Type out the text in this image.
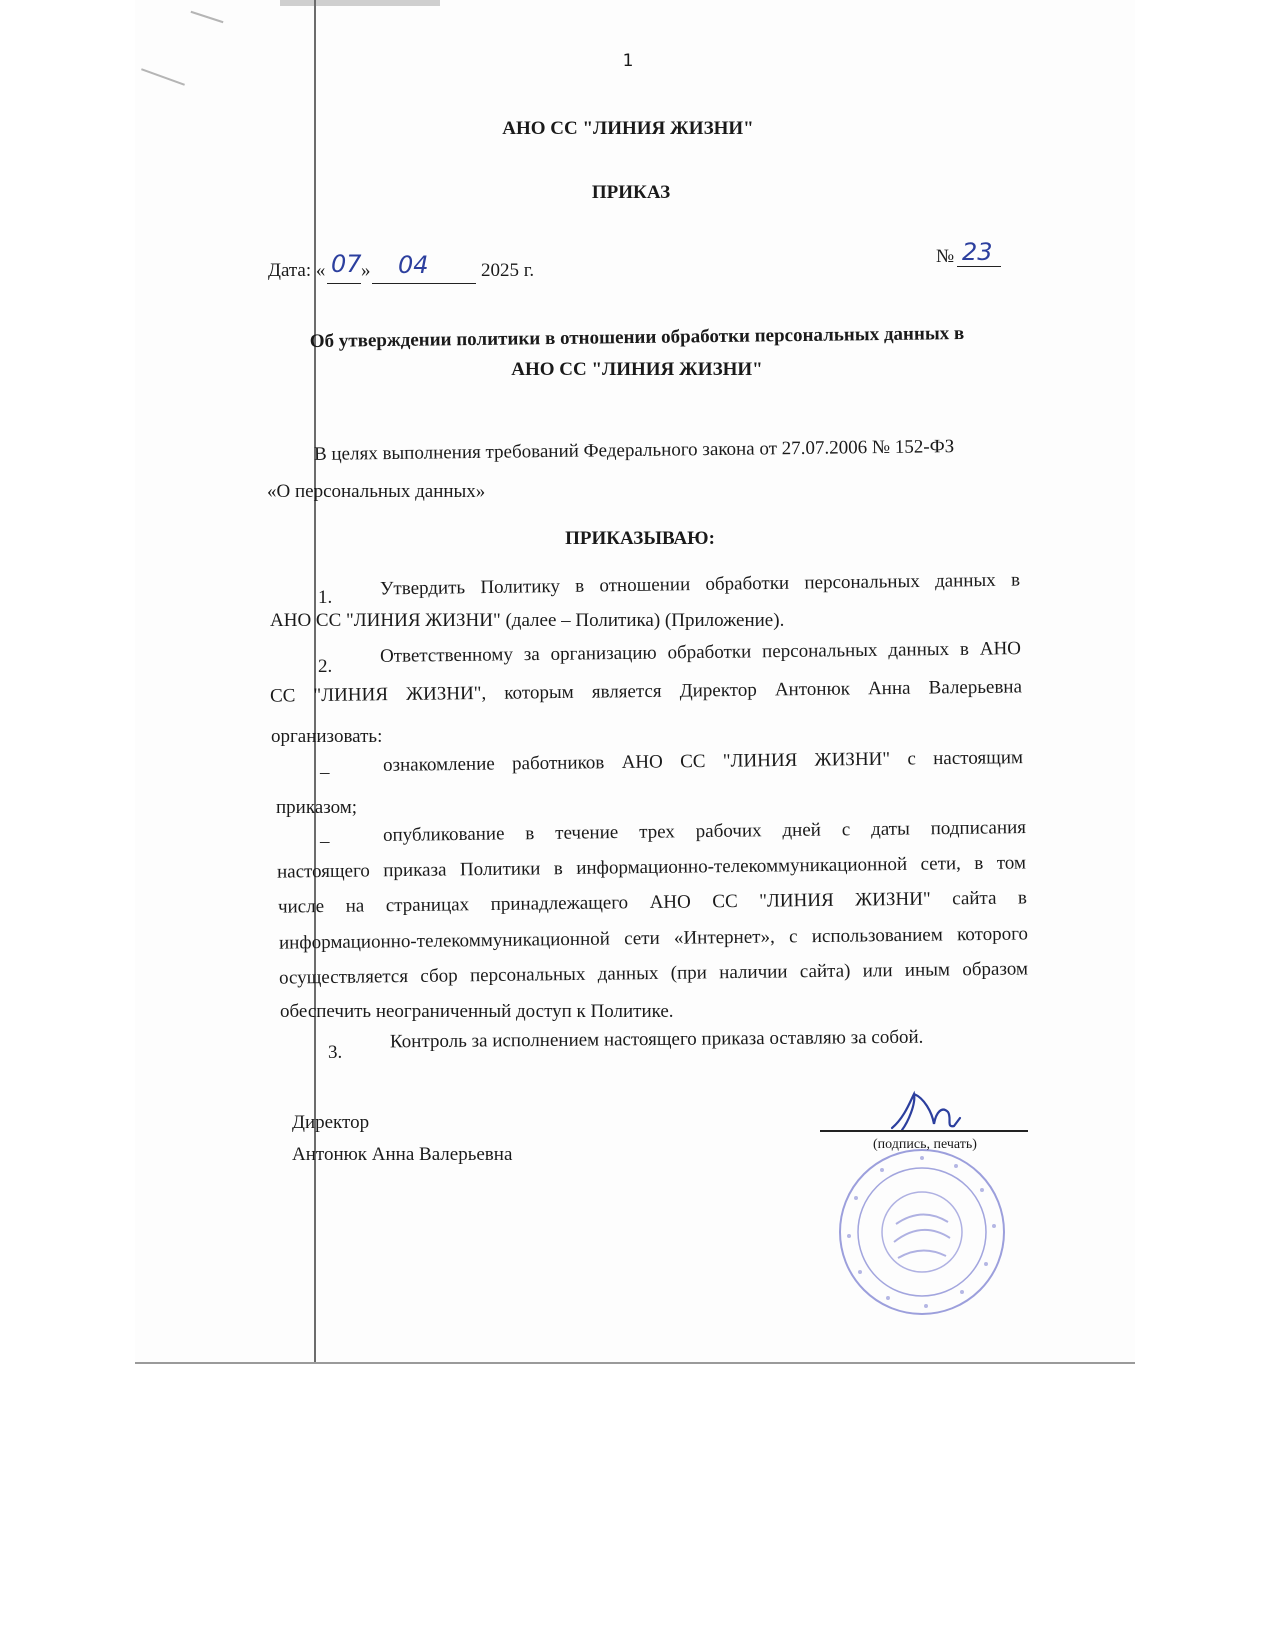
1
АНО СС "ЛИНИЯ ЖИЗНИ"
ПРИКАЗ
Дата: « 07 » 04	2025 г.
№ 23
Об утверждении политики в отношении обработки персональных данных в
АНО СС "ЛИНИЯ ЖИЗНИ"
В целях выполнения требований Федерального закона от 27.07.2006 № 152-ФЗ
«О персональных данных»
ПРИКАЗЫВАЮ:
1.	Утвердить Политику в отношении обработки персональных данных в
АНО СС "ЛИНИЯ ЖИЗНИ" (далее – Политика) (Приложение).
2.	Ответственному за организацию обработки персональных данных в АНО
СС "ЛИНИЯ ЖИЗНИ", которым является Директор Антонюк Анна Валерьевна
организовать:
–	ознакомление работников АНО СС "ЛИНИЯ ЖИЗНИ" с настоящим
приказом;
–	опубликование в течение трех рабочих дней с даты подписания
настоящего приказа Политики в информационно-телекоммуникационной сети, в том
числе на страницах принадлежащего АНО СС "ЛИНИЯ ЖИЗНИ" сайта в
информационно-телекоммуникационной сети «Интернет», с использованием которого
осуществляется сбор персональных данных (при наличии сайта) или иным образом
обеспечить неограниченный доступ к Политике.
3.
Контроль за исполнением настоящего приказа оставляю за собой.
Директор
Антонюк Анна Валерьевна	(подпись, печать)
